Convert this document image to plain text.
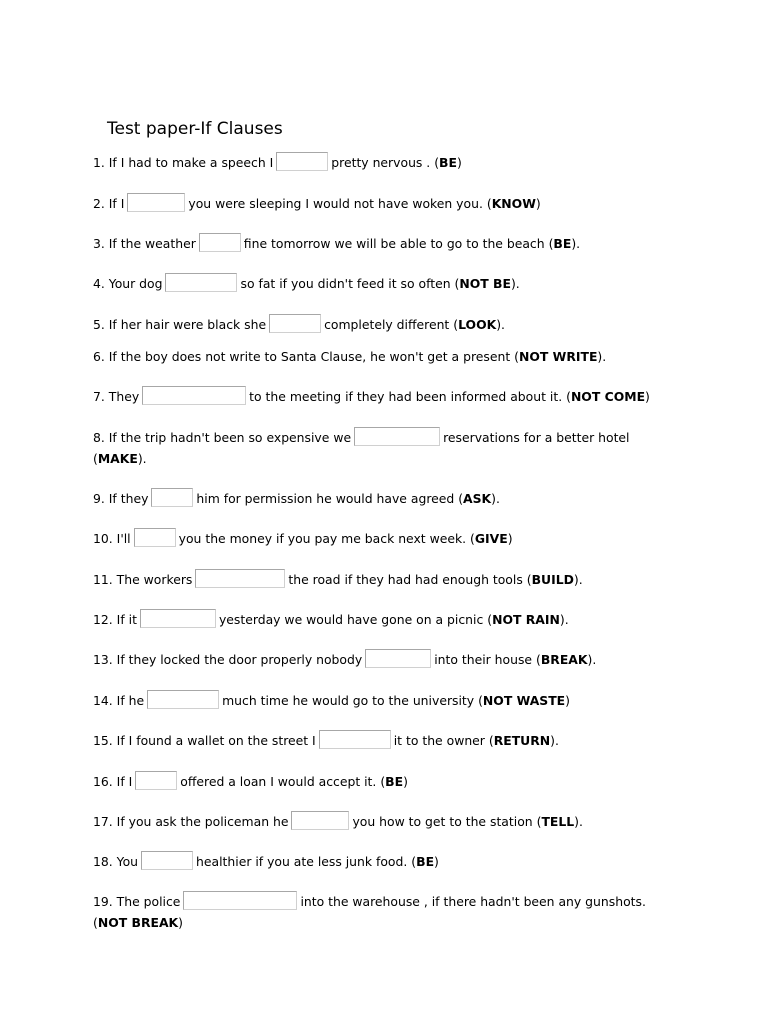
Test paper-If Clauses
1. If I had to make a speech I	pretty nervous . (BE)
2. If I	you were sleeping I would not have woken you. (KNOW)
3. If the weather	fine tomorrow we will be able to go to the beach (BE).
4. Your dog	so fat if you didn't feed it so often (NOT BE).
5. If her hair were black she	completely different (LOOK).
6. If the boy does not write to Santa Clause, he won't get a present (NOT WRITE).
7. They	to the meeting if they had been informed about it. (NOT COME)
8. If the trip hadn't been so expensive we	reservations for a better hotel
(MAKE).
9. If they	him for permission he would have agreed (ASK).
10. I'll	you the money if you pay me back next week. (GIVE)
11. The workers	the road if they had had enough tools (BUILD).
12. If it	yesterday we would have gone on a picnic (NOT RAIN).
13. If they locked the door properly nobody	into their house (BREAK).
14. If he	much time he would go to the university (NOT WASTE)
15. If I found a wallet on the street I	it to the owner (RETURN).
16. If I	offered a loan I would accept it. (BE)
17. If you ask the policeman he	you how to get to the station (TELL).
18. You	healthier if you ate less junk food. (BE)
19. The police	into the warehouse , if there hadn't been any gunshots.
(NOT BREAK)
